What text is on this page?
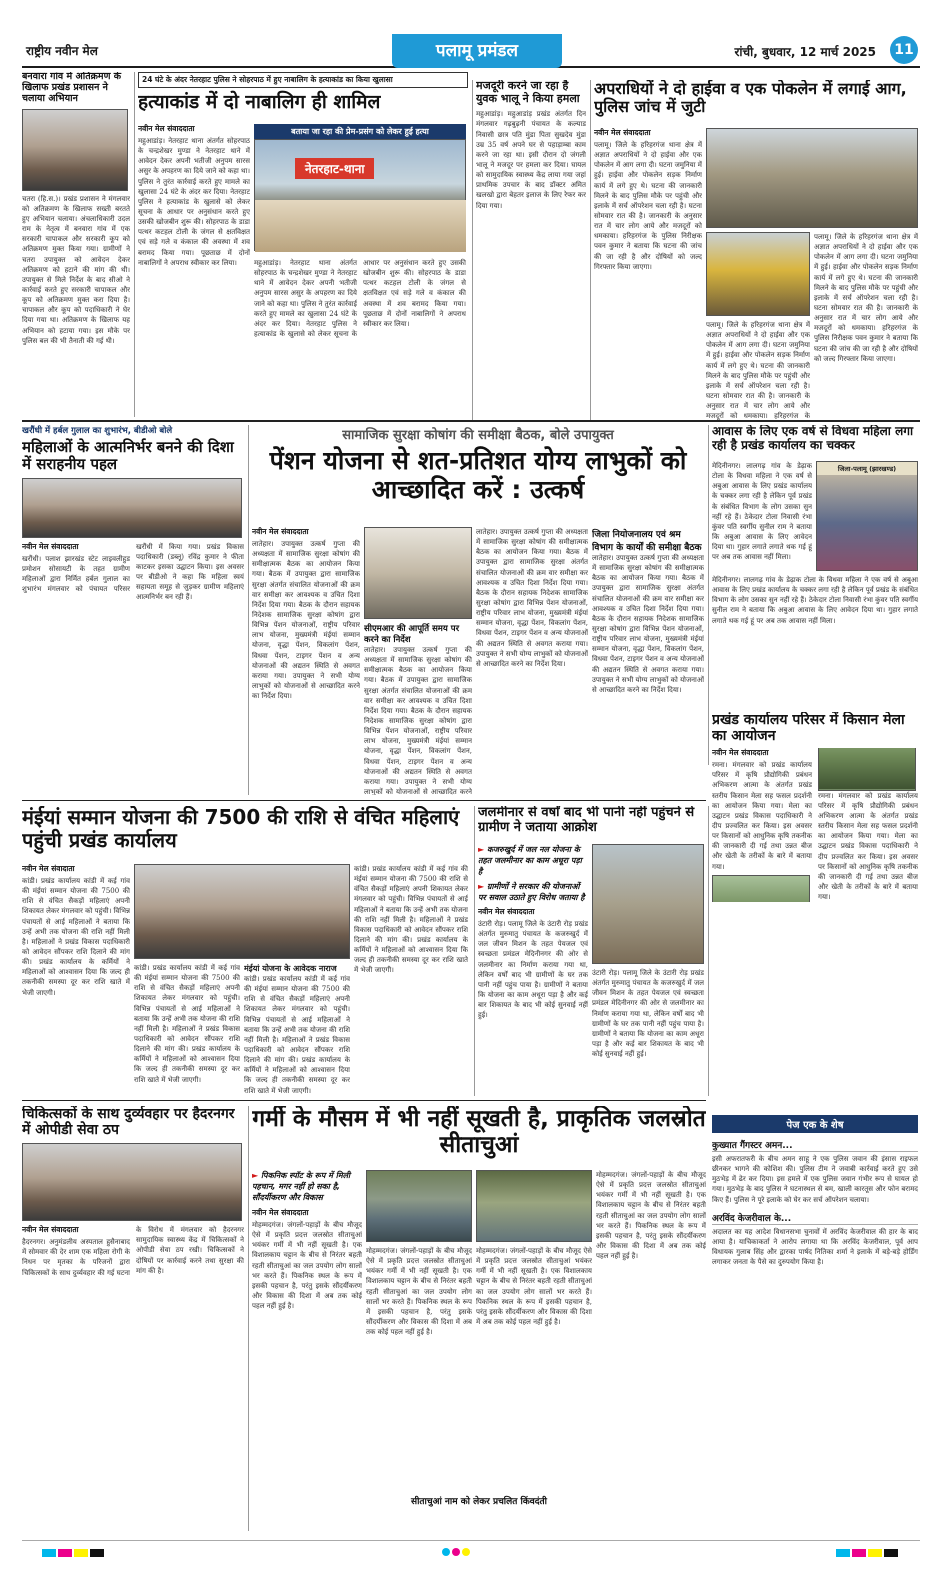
राष्ट्रीय नवीन मेल	पलामू प्रमंडल	रांची, बुधवार, 12 मार्च 2025	11
बनवारा गांव में अतिक्रमण के खिलाफ प्रखंड प्रशासन ने चलाया अभियान
चतरा (हि.स.)। प्रखंड प्रशासन ने मंगलवार को अतिक्रमण के खिलाफ सख्ती बरतते हुए अभियान चलाया। अंचलाधिकारी उदल राम के नेतृत्व में बनवारा गांव में एक सरकारी चापाकल और सरकारी कूप को अतिक्रमण मुक्त किया गया। ग्रामीणों ने चतरा उपायुक्त को आवेदन देकर अतिक्रमण को हटाने की मांग की थी। उपायुक्त से मिले निर्देश के बाद सीओ ने कार्रवाई करते हुए सरकारी चापाकल और कूप को अतिक्रमण मुक्त करा दिया है। चापाकल और कूप को पदाधिकारी ने घेर दिया गया था। अतिक्रमण के खिलाफ यह अभियान को हटाया गया। इस मौके पर पुलिस बल की भी तैनाती की गई थी।
24 घंटे के अंदर नेतरहाट पुलिस ने सोहरपाठ में हुए नाबालिग के हत्याकांड का किया खुलासा
हत्याकांड में दो नाबालिग ही शामिल
नवीन मेल संवाददाता
महुआडांड़। नेतरहाट थाना अंतर्गत सोहरपाठ के चन्द्रशेखर मुण्डा ने नेतरहाट थाने में आवेदन देकर अपनी भतीजी अनुपम सारस असुर के अपहरण का दिये जाने को कहा था। पुलिस ने तुरंत कार्रवाई करते हुए मामले का खुलासा 24 घंटे के अंदर कर दिया। नेतरहाट पुलिस ने हत्याकांड के खुलासे को लेकर सूचना के आधार पर अनुसंधान करते हुए उसकी खोजबीन शुरू की। सोहरपाठ के डाडा पत्थर कटहल टोली के जंगल से क्षतविक्षत एवं सड़े गले व कंकाल की अवस्था में शव बरामद किया गया। पूछताछ में दोनों नाबालिगों ने अपराध स्वीकार कर लिया।
बताया जा रहा की प्रेम-प्रसंग को लेकर हुई हत्या
नेतरहाट-थाना
महुआडांड़। नेतरहाट थाना अंतर्गत सोहरपाठ के चन्द्रशेखर मुण्डा ने नेतरहाट थाने में आवेदन देकर अपनी भतीजी अनुपम सारस असुर के अपहरण का दिये जाने को कहा था। पुलिस ने तुरंत कार्रवाई करते हुए मामले का खुलासा 24 घंटे के अंदर कर दिया। नेतरहाट पुलिस ने हत्याकांड के खुलासे को लेकर सूचना के आधार पर अनुसंधान करते हुए उसकी खोजबीन शुरू की। सोहरपाठ के डाडा पत्थर कटहल टोली के जंगल से क्षतविक्षत एवं सड़े गले व कंकाल की अवस्था में शव बरामद किया गया। पूछताछ में दोनों नाबालिगों ने अपराध स्वीकार कर लिया।
मजदूरी करने जा रहा है युवक भालू ने किया हमला
महुआडांड़। महुआडांड़ प्रखंड अंतर्गत दिन मंगलवार गढ़बुढ़नी पंचायत के कल्याड निवासी छात्र पति मुंडा पिता सुखदेव मुंडा उम्र 35 वर्ष अपने घर से पहाड़ाम्बा काम करने जा रहा था। इसी दौरान दो जंगली भालू ने मजदूर पर हमला कर दिया। घायल को सामुदायिक स्वास्थ्य केंद्र लाया गया जहां प्राथमिक उपचार के बाद डॉक्टर अमित खलखो द्वारा बेहतर इलाज के लिए रेफर कर दिया गया।
अपराधियों ने दो हाईवा व एक पोकलेन में लगाई आग, पुलिस जांच में जुटी
नवीन मेल संवाददाता
पलामू। जिले के हरिहरगंज थाना क्षेत्र में अज्ञात अपराधियों ने दो हाईवा और एक पोकलेन में आग लगा दी। घटना जमुनिया में हुई। हाईवा और पोकलेन सड़क निर्माण कार्य में लगे हुए थे। घटना की जानकारी मिलने के बाद पुलिस मौके पर पहुंची और इलाके में सर्च ऑपरेशन चला रही है। घटना सोमवार रात की है। जानकारी के अनुसार रात में चार लोग आये और मजदूरों को धमकाया। हरिहरगंज के पुलिस निरीक्षक पवन कुमार ने बताया कि घटना की जांच की जा रही है और दोषियों को जल्द गिरफ्तार किया जाएगा।
पलामू। जिले के हरिहरगंज थाना क्षेत्र में अज्ञात अपराधियों ने दो हाईवा और एक पोकलेन में आग लगा दी। घटना जमुनिया में हुई। हाईवा और पोकलेन सड़क निर्माण कार्य में लगे हुए थे। घटना की जानकारी मिलने के बाद पुलिस मौके पर पहुंची और इलाके में सर्च ऑपरेशन चला रही है। घटना सोमवार रात की है। जानकारी के अनुसार रात में चार लोग आये और मजदूरों को धमकाया। हरिहरगंज के पुलिस निरीक्षक पवन कुमार ने बताया कि घटना की जांच की जा रही है और दोषियों को जल्द गिरफ्तार किया जाएगा।
पलामू। जिले के हरिहरगंज थाना क्षेत्र में अज्ञात अपराधियों ने दो हाईवा और एक पोकलेन में आग लगा दी। घटना जमुनिया में हुई। हाईवा और पोकलेन सड़क निर्माण कार्य में लगे हुए थे। घटना की जानकारी मिलने के बाद पुलिस मौके पर पहुंची और इलाके में सर्च ऑपरेशन चला रही है। घटना सोमवार रात की है। जानकारी के अनुसार रात में चार लोग आये और मजदूरों को धमकाया। हरिहरगंज के
खरौंधी में हर्बल गुलाल का शुभारंभ, बीडीओ बोले
महिलाओं के आत्मनिर्भर बनने की दिशा में सराहनीय पहल
नवीन मेल संवाददाता
खरौंधी। पलाश झारखंड स्टेट लाइवलीहुड प्रमोशन सोसायटी के तहत ग्रामीण महिलाओं द्वारा निर्मित हर्बल गुलाल का शुभारंभ मंगलवार को पंचायत परिसर खरौंधी में किया गया। प्रखंड विकास पदाधिकारी (डब्लू) रविंद्र कुमार ने फीता काटकर इसका उद्घाटन किया। इस अवसर पर बीडीओ ने कहा कि महिला स्वयं सहायता समूह से जुड़कर ग्रामीण महिलाएं आत्मनिर्भर बन रही हैं।
सामाजिक सुरक्षा कोषांग की समीक्षा बैठक, बोले उपायुक्त
पेंशन योजना से शत-प्रतिशत योग्य लाभुकों को आच्छादित करें : उत्कर्ष
नवीन मेल संवाददाता
लातेहार। उपायुक्त उत्कर्ष गुप्ता की अध्यक्षता में सामाजिक सुरक्षा कोषांग की समीक्षात्मक बैठक का आयोजन किया गया। बैठक में उपायुक्त द्वारा सामाजिक सुरक्षा अंतर्गत संचालित योजनाओं की क्रम वार समीक्षा कर आवश्यक व उचित दिशा निर्देश दिया गया। बैठक के दौरान सहायक निदेशक सामाजिक सुरक्षा कोषांग द्वारा विभिन्न पेंशन योजनाओं, राष्ट्रीय परिवार लाभ योजना, मुख्यमंत्री मंईयां सम्मान योजना, वृद्धा पेंशन, विकलांग पेंशन, विधवा पेंशन, टाइगर पेंशन व अन्य योजनाओं की अद्यतन स्थिति से अवगत कराया गया। उपायुक्त ने सभी योग्य लाभुकों को योजनाओं से आच्छादित करने का निर्देश दिया।
सीएमआर की आपूर्ति समय पर करने का निर्देश
लातेहार। उपायुक्त उत्कर्ष गुप्ता की अध्यक्षता में सामाजिक सुरक्षा कोषांग की समीक्षात्मक बैठक का आयोजन किया गया। बैठक में उपायुक्त द्वारा सामाजिक सुरक्षा अंतर्गत संचालित योजनाओं की क्रम वार समीक्षा कर आवश्यक व उचित दिशा निर्देश दिया गया। बैठक के दौरान सहायक निदेशक सामाजिक सुरक्षा कोषांग द्वारा विभिन्न पेंशन योजनाओं, राष्ट्रीय परिवार लाभ योजना, मुख्यमंत्री मंईयां सम्मान योजना, वृद्धा पेंशन, विकलांग पेंशन, विधवा पेंशन, टाइगर पेंशन व अन्य योजनाओं की अद्यतन स्थिति से अवगत कराया गया। उपायुक्त ने सभी योग्य लाभुकों को योजनाओं से आच्छादित करने
लातेहार। उपायुक्त उत्कर्ष गुप्ता की अध्यक्षता में सामाजिक सुरक्षा कोषांग की समीक्षात्मक बैठक का आयोजन किया गया। बैठक में उपायुक्त द्वारा सामाजिक सुरक्षा अंतर्गत संचालित योजनाओं की क्रम वार समीक्षा कर आवश्यक व उचित दिशा निर्देश दिया गया। बैठक के दौरान सहायक निदेशक सामाजिक सुरक्षा कोषांग द्वारा विभिन्न पेंशन योजनाओं, राष्ट्रीय परिवार लाभ योजना, मुख्यमंत्री मंईयां सम्मान योजना, वृद्धा पेंशन, विकलांग पेंशन, विधवा पेंशन, टाइगर पेंशन व अन्य योजनाओं की अद्यतन स्थिति से अवगत कराया गया। उपायुक्त ने सभी योग्य लाभुकों को योजनाओं से आच्छादित करने का निर्देश दिया।
जिला नियोजनालय एवं श्रम विभाग के कार्यों की समीक्षा बैठक
लातेहार। उपायुक्त उत्कर्ष गुप्ता की अध्यक्षता में सामाजिक सुरक्षा कोषांग की समीक्षात्मक बैठक का आयोजन किया गया। बैठक में उपायुक्त द्वारा सामाजिक सुरक्षा अंतर्गत संचालित योजनाओं की क्रम वार समीक्षा कर आवश्यक व उचित दिशा निर्देश दिया गया। बैठक के दौरान सहायक निदेशक सामाजिक सुरक्षा कोषांग द्वारा विभिन्न पेंशन योजनाओं, राष्ट्रीय परिवार लाभ योजना, मुख्यमंत्री मंईयां सम्मान योजना, वृद्धा पेंशन, विकलांग पेंशन, विधवा पेंशन, टाइगर पेंशन व अन्य योजनाओं की अद्यतन स्थिति से अवगत कराया गया। उपायुक्त ने सभी योग्य लाभुकों को योजनाओं से आच्छादित करने का निर्देश दिया।
आवास के लिए एक वर्ष से विधवा महिला लगा रही है प्रखंड कार्यालय का चक्कर
मेदिनीनगर। लालगढ़ गांव के डेढ़ाक टोला के विधवा महिला ने एक वर्ष से अबुआ आवास के लिए प्रखंड कार्यालय के चक्कर लगा रही है लेकिन पूर्व प्रखंड के संबंधित विभाग के लोग उसका सुन नहीं रहे हैं। ठेकेदार टोला निवासी रंभा कुंवर पति स्वर्गीय सुनील राम ने बताया कि अबुआ आवास के लिए आवेदन दिया था। गुहार लगाते लगाते थक गई हूं पर अब तक आवास नहीं मिला।
जिला-पलामू (झारखण्ड)
मेदिनीनगर। लालगढ़ गांव के डेढ़ाक टोला के विधवा महिला ने एक वर्ष से अबुआ आवास के लिए प्रखंड कार्यालय के चक्कर लगा रही है लेकिन पूर्व प्रखंड के संबंधित विभाग के लोग उसका सुन नहीं रहे हैं। ठेकेदार टोला निवासी रंभा कुंवर पति स्वर्गीय सुनील राम ने बताया कि अबुआ आवास के लिए आवेदन दिया था। गुहार लगाते लगाते थक गई हूं पर अब तक आवास नहीं मिला।
प्रखंड कार्यालय परिसर में किसान मेला का आयोजन
नवीन मेल संवाददाता
रमना। मंगलवार को प्रखंड कार्यालय परिसर में कृषि प्रौद्योगिकी प्रबंधन अभिकरण आत्मा के अंतर्गत प्रखंड स्तरीय किसान मेला सह फसल प्रदर्शनी का आयोजन किया गया। मेला का उद्घाटन प्रखंड विकास पदाधिकारी ने दीप प्रज्वलित कर किया। इस अवसर पर किसानों को आधुनिक कृषि तकनीक की जानकारी दी गई तथा उन्नत बीज और खेती के तरीकों के बारे में बताया गया।
रमना। मंगलवार को प्रखंड कार्यालय परिसर में कृषि प्रौद्योगिकी प्रबंधन अभिकरण आत्मा के अंतर्गत प्रखंड स्तरीय किसान मेला सह फसल प्रदर्शनी का आयोजन किया गया। मेला का उद्घाटन प्रखंड विकास पदाधिकारी ने दीप प्रज्वलित कर किया। इस अवसर पर किसानों को आधुनिक कृषि तकनीक की जानकारी दी गई तथा उन्नत बीज और खेती के तरीकों के बारे में बताया गया।
मंईयां सम्मान योजना की 7500 की राशि से वंचित महिलाएं पहुंची प्रखंड कार्यालय
नवीन मेल संवादाता
कांडी। प्रखंड कार्यालय कांडी में कई गांव की मंईयां सम्मान योजना की 7500 की राशि से वंचित सैकड़ों महिलाएं अपनी शिकायत लेकर मंगलवार को पहुंची। विभिन्न पंचायतों से आई महिलाओं ने बताया कि उन्हें अभी तक योजना की राशि नहीं मिली है। महिलाओं ने प्रखंड विकास पदाधिकारी को आवेदन सौंपकर राशि दिलाने की मांग की। प्रखंड कार्यालय के कर्मियों ने महिलाओं को आश्वासन दिया कि जल्द ही तकनीकी समस्या दूर कर राशि खाते में भेजी जाएगी।
कांडी। प्रखंड कार्यालय कांडी में कई गांव की मंईयां सम्मान योजना की 7500 की राशि से वंचित सैकड़ों महिलाएं अपनी शिकायत लेकर मंगलवार को पहुंची। विभिन्न पंचायतों से आई महिलाओं ने बताया कि उन्हें अभी तक योजना की राशि नहीं मिली है। महिलाओं ने प्रखंड विकास पदाधिकारी को आवेदन सौंपकर राशि दिलाने की मांग की। प्रखंड कार्यालय के कर्मियों ने महिलाओं को आश्वासन दिया कि जल्द ही तकनीकी समस्या दूर कर राशि खाते में भेजी जाएगी।
मंईयां योजना के आवेदक नाराज
कांडी। प्रखंड कार्यालय कांडी में कई गांव की मंईयां सम्मान योजना की 7500 की राशि से वंचित सैकड़ों महिलाएं अपनी शिकायत लेकर मंगलवार को पहुंची। विभिन्न पंचायतों से आई महिलाओं ने बताया कि उन्हें अभी तक योजना की राशि नहीं मिली है। महिलाओं ने प्रखंड विकास पदाधिकारी को आवेदन सौंपकर राशि दिलाने की मांग की। प्रखंड कार्यालय के कर्मियों ने महिलाओं को आश्वासन दिया कि जल्द ही तकनीकी समस्या दूर कर राशि खाते में भेजी जाएगी।
कांडी। प्रखंड कार्यालय कांडी में कई गांव की मंईयां सम्मान योजना की 7500 की राशि से वंचित सैकड़ों महिलाएं अपनी शिकायत लेकर मंगलवार को पहुंची। विभिन्न पंचायतों से आई महिलाओं ने बताया कि उन्हें अभी तक योजना की राशि नहीं मिली है। महिलाओं ने प्रखंड विकास पदाधिकारी को आवेदन सौंपकर राशि दिलाने की मांग की। प्रखंड कार्यालय के कर्मियों ने महिलाओं को आश्वासन दिया कि जल्द ही तकनीकी समस्या दूर कर राशि खाते में भेजी जाएगी।
जलमीनार से वर्षों बाद भी पानी नहीं पहुंचने से ग्रामीण ने जताया आक्रोश
► कजरुखुर्द में जल नल योजना के तहत जलमीनार का काम अधूरा पड़ा है
► ग्रामीणों ने सरकार की योजनाओं पर सवाल उठाते हुए विरोध जताया है
नवीन मेल संवाददाता
उंटारी रोड़। पलामू जिले के उंटारी रोड़ प्रखंड अंतर्गत मुरुमातु पंचायत के कजरुखुर्द में जल जीवन मिशन के तहत पेयजल एवं स्वच्छता प्रमंडल मेदिनीनगर की ओर से जलमीनार का निर्माण कराया गया था, लेकिन वर्षों बाद भी ग्रामीणों के घर तक पानी नहीं पहुंच पाया है। ग्रामीणों ने बताया कि योजना का काम अधूरा पड़ा है और कई बार शिकायत के बाद भी कोई सुनवाई नहीं हुई।
उंटारी रोड़। पलामू जिले के उंटारी रोड़ प्रखंड अंतर्गत मुरुमातु पंचायत के कजरुखुर्द में जल जीवन मिशन के तहत पेयजल एवं स्वच्छता प्रमंडल मेदिनीनगर की ओर से जलमीनार का निर्माण कराया गया था, लेकिन वर्षों बाद भी ग्रामीणों के घर तक पानी नहीं पहुंच पाया है। ग्रामीणों ने बताया कि योजना का काम अधूरा पड़ा है और कई बार शिकायत के बाद भी कोई सुनवाई नहीं हुई।
पेज एक के शेष
कुख्यात गैंगस्टर अमन...
इसी अफरातफरी के बीच अमन साहू ने एक पुलिस जवान की इंसास राइफल छीनकर भागने की कोशिश की। पुलिस टीम ने जवाबी कार्रवाई करते हुए उसे मुठभेड़ में ढेर कर दिया। इस हमले में एक पुलिस जवान गंभीर रूप से घायल हो गया। मुठभेड़ के बाद पुलिस ने घटनास्थल से बम, खाली कारतूस और फोन बरामद किए हैं। पुलिस ने पूरे इलाके को घेर कर सर्च ऑपरेशन चलाया।
अरविंद केजरीवाल के...
अदालत का यह आदेश विधानसभा चुनावों में अरविंद केजरीवाल की हार के बाद आया है। याचिकाकर्ता ने आरोप लगाया था कि अरविंद केजरीवाल, पूर्व आप विधायक गुलाब सिंह और द्वारका पार्षद नितिका शर्मा ने इलाके में बड़े-बड़े होर्डिंग लगाकर जनता के पैसे का दुरुपयोग किया है।
चिकित्सकों के साथ दुर्व्यवहार पर हैदरनगर में ओपीडी सेवा ठप
नवीन मेल संवाददाता
हैदरनगर। अनुमंडलीय अस्पताल हुसैनाबाद में सोमवार की देर शाम एक महिला रोगी के निधन पर मृतका के परिजनों द्वारा चिकित्सकों के साथ दुर्व्यवहार की गई घटना के विरोध में मंगलवार को हैदरनगर सामुदायिक स्वास्थ्य केंद्र में चिकित्सकों ने ओपीडी सेवा ठप रखी। चिकित्सकों ने दोषियों पर कार्रवाई करने तथा सुरक्षा की मांग की है।
गर्मी के मौसम में भी नहीं सूखती है, प्राकृतिक जलस्रोत सीताचुआं
► पिकनिक स्पॉट के रूप में मिली पहचान, मगर नहीं हो सका है, सौंदर्यीकरण और विकास
नवीन मेल संवाददाता
मोहम्मदगंज। जंगलों-पहाड़ों के बीच मौजूद ऐसे में प्रकृति प्रदत्त जलस्रोत सीताचुआं भयंकर गर्मी में भी नहीं सूखती है। एक विशालकाय चट्टान के बीच से निरंतर बहती रहती सीताचुआं का जल उपयोग लोग सालों भर करते हैं। पिकनिक स्थल के रूप में इसकी पहचान है, परंतु इसके सौंदर्यीकरण और विकास की दिशा में अब तक कोई पहल नहीं हुई है।
मोहम्मदगंज। जंगलों-पहाड़ों के बीच मौजूद ऐसे में प्रकृति प्रदत्त जलस्रोत सीताचुआं भयंकर गर्मी में भी नहीं सूखती है। एक विशालकाय चट्टान के बीच से निरंतर बहती रहती सीताचुआं का जल उपयोग लोग सालों भर करते हैं। पिकनिक स्थल के रूप में इसकी पहचान है, परंतु इसके सौंदर्यीकरण और विकास की दिशा में अब तक कोई पहल नहीं हुई है।
मोहम्मदगंज। जंगलों-पहाड़ों के बीच मौजूद ऐसे में प्रकृति प्रदत्त जलस्रोत सीताचुआं भयंकर गर्मी में भी नहीं सूखती है। एक विशालकाय चट्टान के बीच से निरंतर बहती रहती सीताचुआं का जल उपयोग लोग सालों भर करते हैं। पिकनिक स्थल के रूप में इसकी पहचान है, परंतु इसके सौंदर्यीकरण और विकास की दिशा में अब तक कोई पहल नहीं हुई है।
सीताचुआं नाम को लेकर प्रचलित किंवदंती
मोहम्मदगंज। जंगलों-पहाड़ों के बीच मौजूद ऐसे में प्रकृति प्रदत्त जलस्रोत सीताचुआं भयंकर गर्मी में भी नहीं सूखती है। एक विशालकाय चट्टान के बीच से निरंतर बहती रहती सीताचुआं का जल उपयोग लोग सालों भर करते हैं। पिकनिक स्थल के रूप में इसकी पहचान है, परंतु इसके सौंदर्यीकरण और विकास की दिशा में अब तक कोई पहल नहीं हुई है।
